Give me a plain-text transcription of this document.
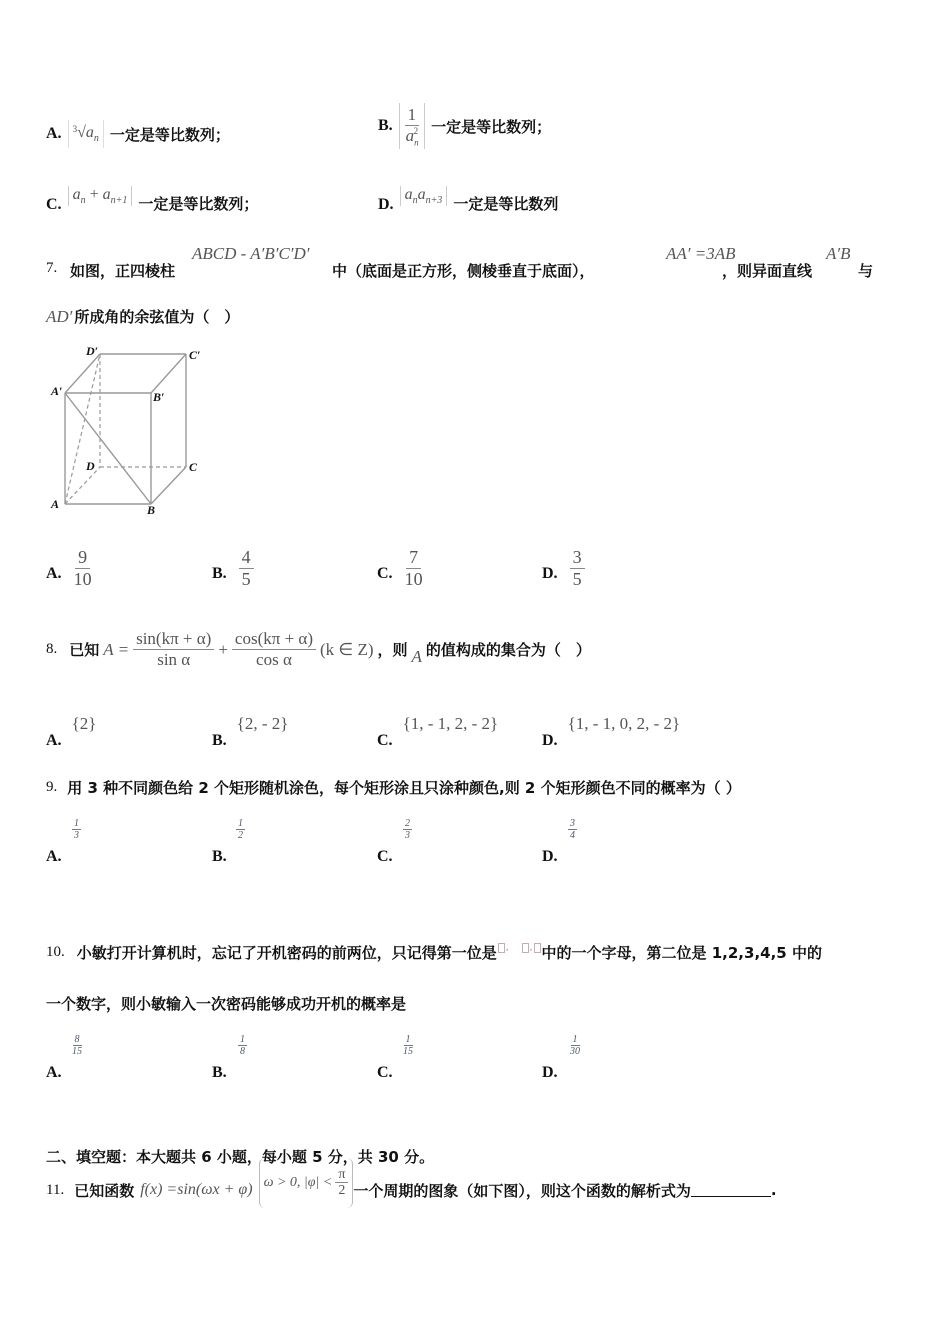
A.	$^3√a_n$ 一定是等比数列；	B. $\frac{1}{a_n^2}$ 一定是等比数列；
C.
$a_n + a_{n+1}$ 一定是等比数列；	D.
$a_na_{n+3}$ 一定是等比数列
7. 如图，正四棱柱
ABCD - A′B′C′D′
中（底面是正方形，侧棱垂直于底面），
AA′ =3AB
，则异面直线
A′B
与
AD′ 所成角的余弦值为（　）
D′	C′
A′	B′
D	C
A	B
A. $\frac{9}{10}$	B. $\frac{4}{5}$	C. $\frac{7}{10}$	D. $\frac{3}{5}$
8. 已知 $A = \frac{\sin(k\pi + \alpha)}{\text{sin α}} + \frac{\cos(k\pi + \alpha)}{\text{cos α}} (k$ ∈ Z) ，则 A 的值构成的集合为（　）
A.
{2}
B.
{2, - 2}
C.
{1, - 1, 2, - 2}
D.
{1, - 1, 0, 2, - 2}
9. 用 3 种不同颜色给 2 个矩形随机涂色，每个矩形涂且只涂种颜色,则 2 个矩形颜色不同的概率为（ ）
$\frac{1}{3}$
A.
$\frac{1}{2}$
B.
$\frac{2}{3}$
C.
$\frac{3}{4}$
D.
10. 小敏打开计算机时，忘记了开机密码的前两位，只记得第一位是 , , 中的一个字母，第二位是 1,2,3,4,5 中的
一个数字，则小敏输入一次密码能够成功开机的概率是
$\frac{8}{15}$
A.
$\frac{1}{8}$
B.
$\frac{1}{15}$
C.
$\frac{1}{30}$
D.
二、填空题：本大题共 6 小题，每小题 5 分，共 30 分。
11. 已知函数 f(x) =sin(ωx + φ) ω > 0, $|\varphi| < \frac{\pi}{2}$ 一个周期的图象（如下图），则这个函数的解析式为	.
